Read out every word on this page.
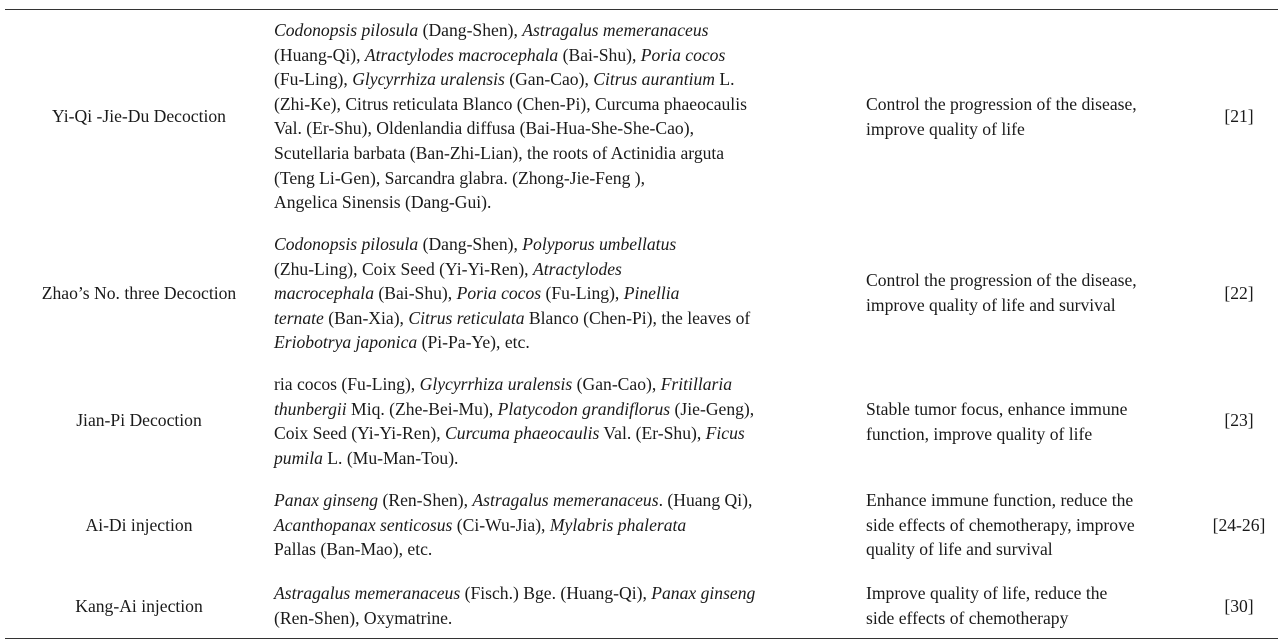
Yi-Qi -Jie-Du Decoction
Codonopsis pilosula (Dang-Shen), Astragalus memeranaceus
(Huang-Qi), Atractylodes macrocephala (Bai-Shu), Poria cocos
(Fu-Ling), Glycyrrhiza uralensis (Gan-Cao), Citrus aurantium L.
(Zhi-Ke), Citrus reticulata Blanco (Chen-Pi), Curcuma phaeocaulis
Val. (Er-Shu), Oldenlandia diffusa (Bai-Hua-She-She-Cao),
Scutellaria barbata (Ban-Zhi-Lian), the roots of Actinidia arguta
(Teng Li-Gen), Sarcandra glabra. (Zhong-Jie-Feng ),
Angelica Sinensis (Dang-Gui).
Control the progression of the disease,
improve quality of life
[21]
Zhao’s No. three Decoction
Codonopsis pilosula (Dang-Shen), Polyporus umbellatus
(Zhu-Ling), Coix Seed (Yi-Yi-Ren), Atractylodes
macrocephala (Bai-Shu), Poria cocos (Fu-Ling), Pinellia
ternate (Ban-Xia), Citrus reticulata Blanco (Chen-Pi), the leaves of
Eriobotrya japonica (Pi-Pa-Ye), etc.
Control the progression of the disease,
improve quality of life and survival
[22]
Jian-Pi Decoction
ria cocos (Fu-Ling), Glycyrrhiza uralensis (Gan-Cao), Fritillaria
thunbergii Miq. (Zhe-Bei-Mu), Platycodon grandiflorus (Jie-Geng),
Coix Seed (Yi-Yi-Ren), Curcuma phaeocaulis Val. (Er-Shu), Ficus
pumila L. (Mu-Man-Tou).
Stable tumor focus, enhance immune
function, improve quality of life
[23]
Ai-Di injection
Panax ginseng (Ren-Shen), Astragalus memeranaceus. (Huang Qi),
Acanthopanax senticosus (Ci-Wu-Jia), Mylabris phalerata
Pallas (Ban-Mao), etc.
Enhance immune function, reduce the
side effects of chemotherapy, improve
quality of life and survival
[24-26]
Kang-Ai injection
Astragalus memeranaceus (Fisch.) Bge. (Huang-Qi), Panax ginseng
(Ren-Shen), Oxymatrine.
Improve quality of life, reduce the
side effects of chemotherapy
[30]
